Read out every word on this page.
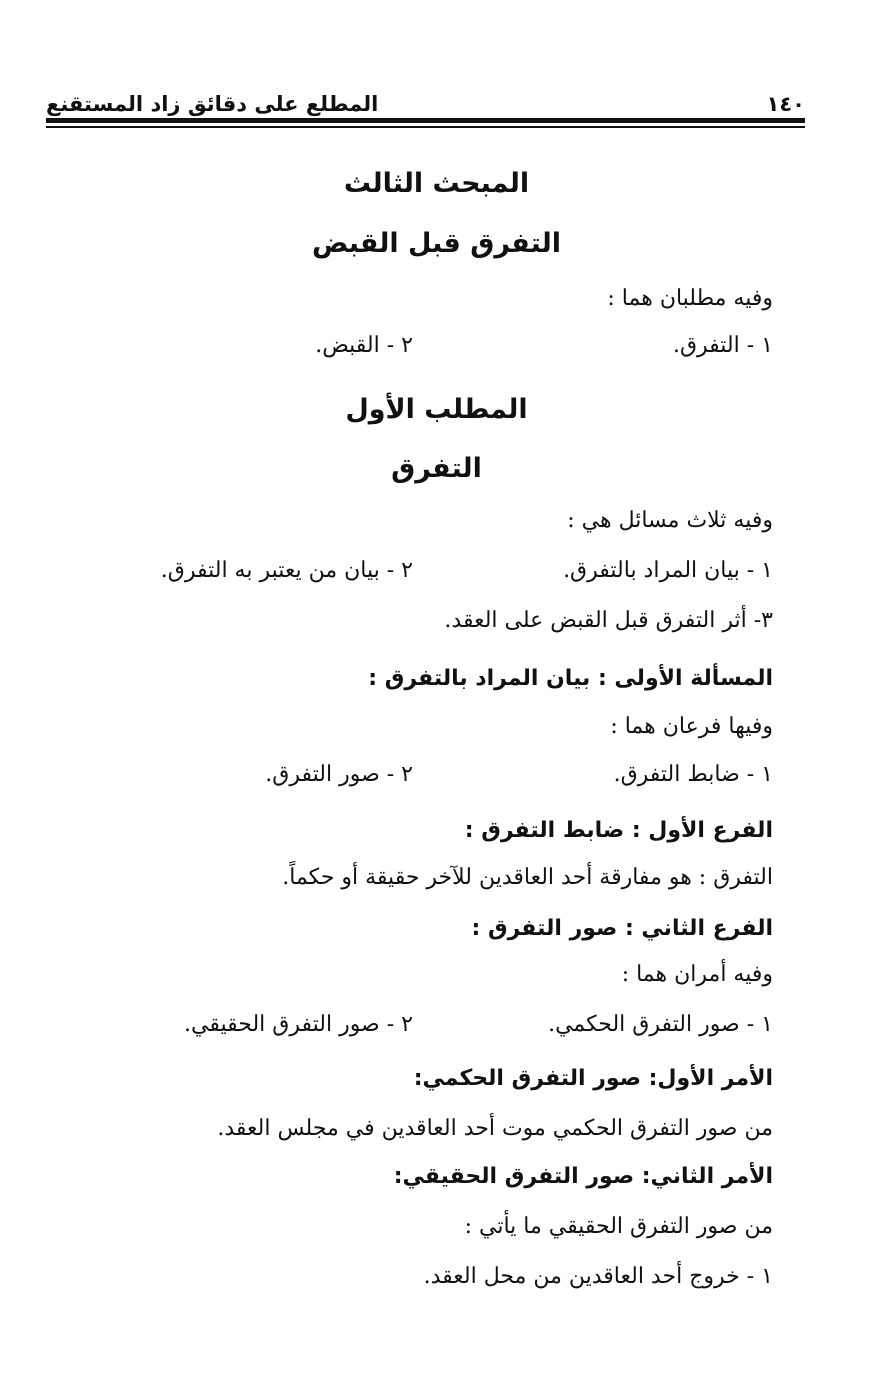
١٤٠
المطلع على دقائق زاد المستقنع
المبحث الثالث
التفرق قبل القبض
وفيه مطلبان هما :
١ - التفرق.
٢ - القبض.
المطلب الأول
التفرق
وفيه ثلاث مسائل هي :
١ - بيان المراد بالتفرق.
٢ - بيان من يعتبر به التفرق.
٣- أثر التفرق قبل القبض على العقد.
المسألة الأولى : بيان المراد بالتفرق :
وفيها فرعان هما :
١ - ضابط التفرق.
٢ - صور التفرق.
الفرع الأول : ضابط التفرق :
التفرق : هو مفارقة أحد العاقدين للآخر حقيقة أو حكماً.
الفرع الثاني : صور التفرق :
وفيه أمران هما :
١ - صور التفرق الحكمي.
٢ - صور التفرق الحقيقي.
الأمر الأول: صور التفرق الحكمي:
من صور التفرق الحكمي موت أحد العاقدين في مجلس العقد.
الأمر الثاني: صور التفرق الحقيقي:
من صور التفرق الحقيقي ما يأتي :
١ - خروج أحد العاقدين من محل العقد.
